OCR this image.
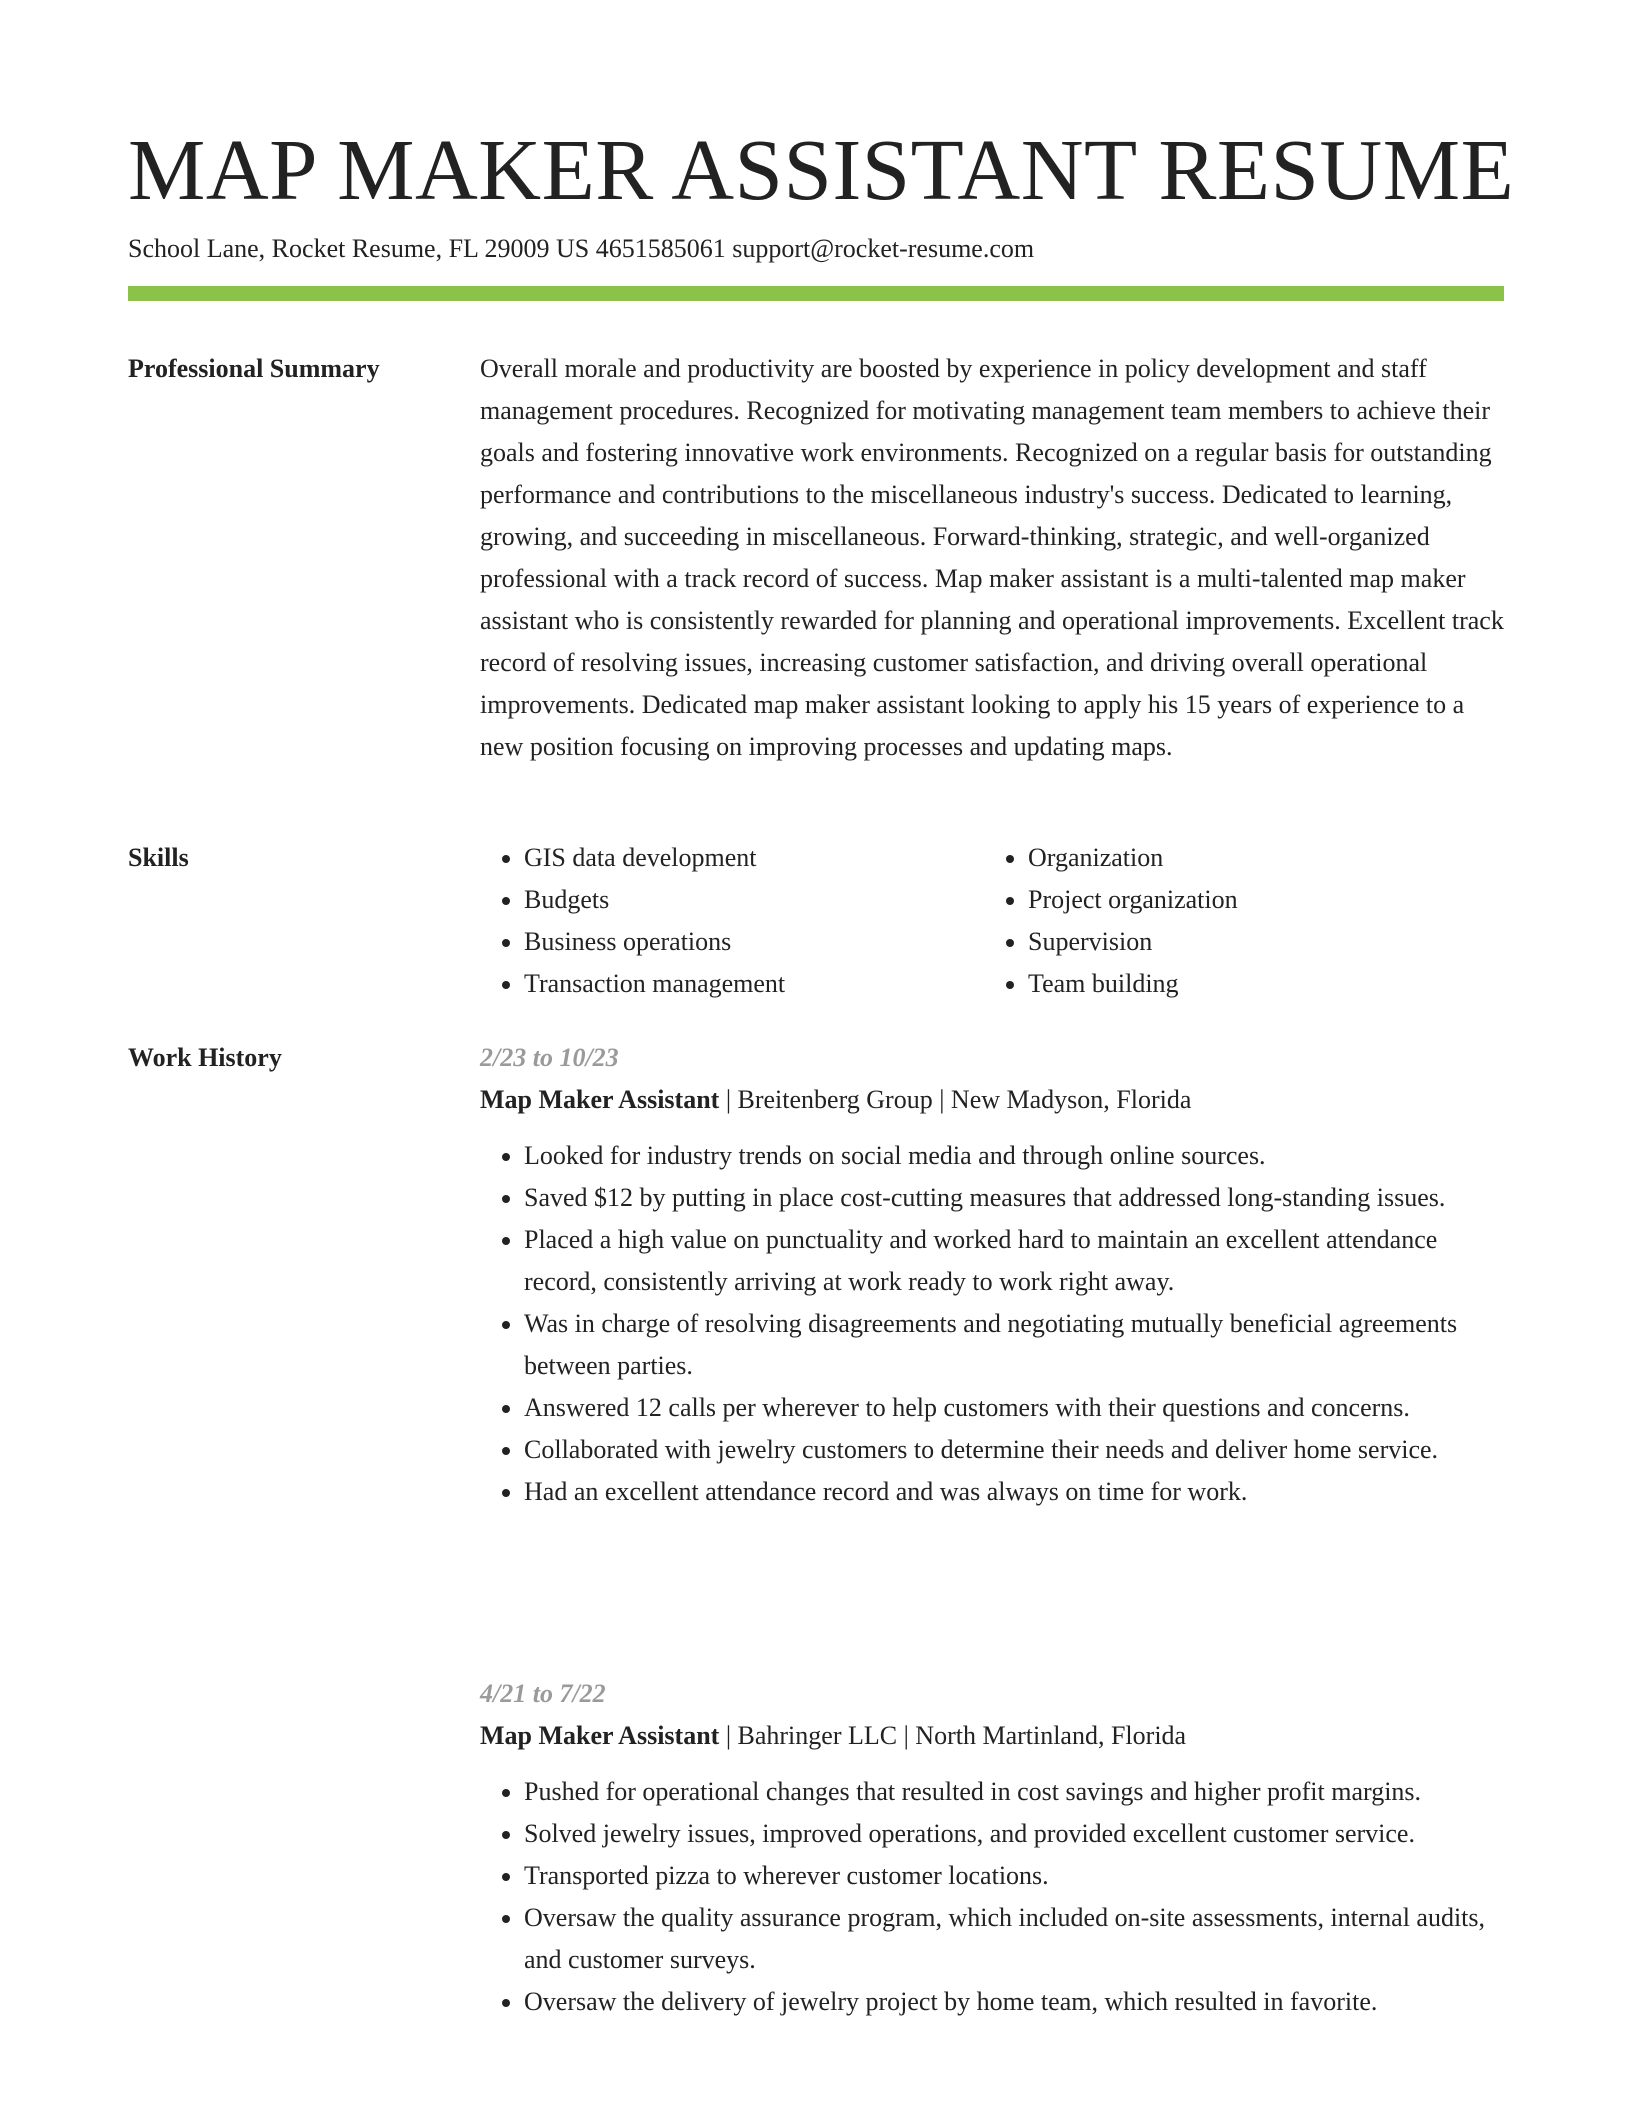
MAP MAKER ASSISTANT RESUME
School Lane, Rocket Resume, FL 29009 US 4651585061 support@rocket-resume.com
Professional Summary	Overall morale and productivity are boosted by experience in policy development and staff management procedures. Recognized for motivating management team members to achieve their goals and fostering innovative work environments. Recognized on a regular basis for outstanding performance and contributions to the miscellaneous industry's success. Dedicated to learning, growing, and succeeding in miscellaneous. Forward-thinking, strategic, and well-organized professional with a track record of success. Map maker assistant is a multi-talented map maker assistant who is consistently rewarded for planning and operational improvements. Excellent track record of resolving issues, increasing customer satisfaction, and driving overall operational improvements. Dedicated map maker assistant looking to apply his 15 years of experience to a new position focusing on improving processes and updating maps.

Skills
•	GIS data development
• Budgets
• Business operations
• Transaction management
• Organization
• Project organization
• Supervision
• Team building
Work History	2/23 to 10/23
Map Maker Assistant | Breitenberg Group | New Madyson, Florida
• Looked for industry trends on social media and through online sources.
• Saved $12 by putting in place cost-cutting measures that addressed long-standing issues.
• Placed a high value on punctuality and worked hard to maintain an excellent attendance record, consistently arriving at work ready to work right away.
• Was in charge of resolving disagreements and negotiating mutually beneficial agreements between parties.
• Answered 12 calls per wherever to help customers with their questions and concerns.
• Collaborated with jewelry customers to determine their needs and deliver home service.
• Had an excellent attendance record and was always on time for work.
4/21 to 7/22
Map Maker Assistant | Bahringer LLC | North Martinland, Florida
• Pushed for operational changes that resulted in cost savings and higher profit margins.
• Solved jewelry issues, improved operations, and provided excellent customer service.
• Transported pizza to wherever customer locations.
• Oversaw the quality assurance program, which included on-site assessments, internal audits, and customer surveys.
• Oversaw the delivery of jewelry project by home team, which resulted in favorite.
